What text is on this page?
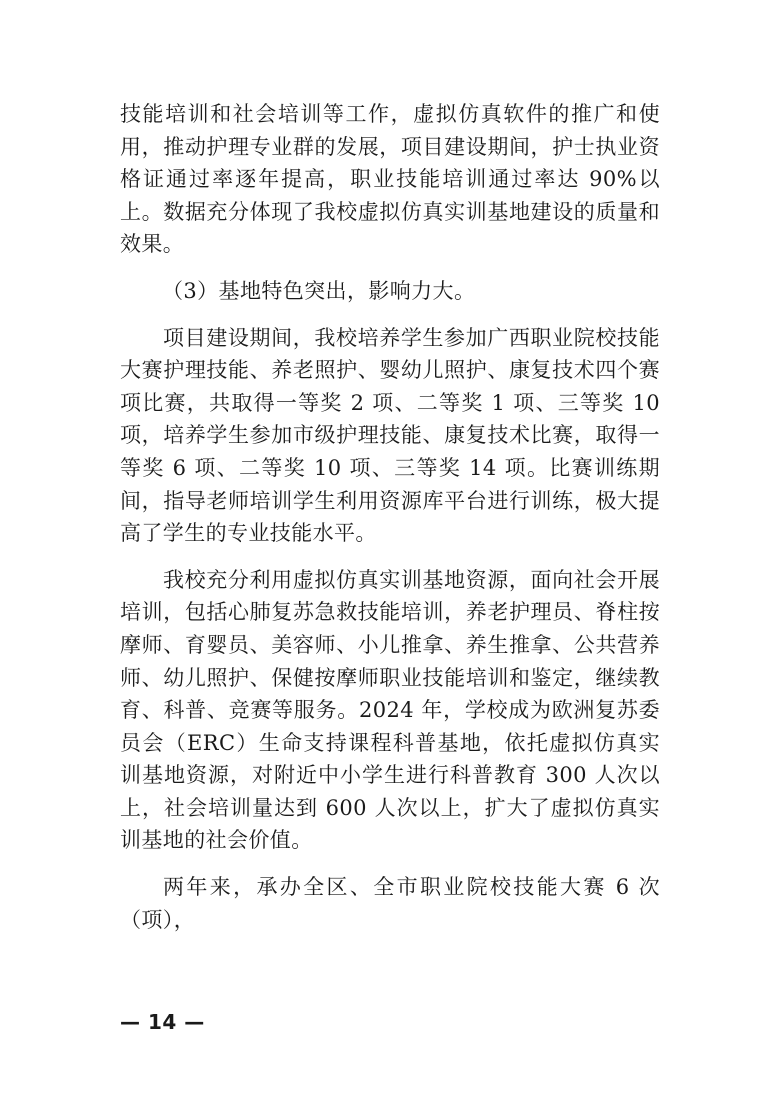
技能培训和社会培训等工作，虚拟仿真软件的推广和使用，推动护理专业群的发展，项目建设期间，护士执业资格证通过率逐年提高，职业技能培训通过率达 90%以上。数据充分体现了我校虚拟仿真实训基地建设的质量和效果。

（3）基地特色突出，影响力大。

项目建设期间，我校培养学生参加广西职业院校技能大赛护理技能、养老照护、婴幼儿照护、康复技术四个赛项比赛，共取得一等奖 2 项、二等奖 1 项、三等奖 10 项，培养学生参加市级护理技能、康复技术比赛，取得一等奖 6 项、二等奖 10 项、三等奖 14 项。比赛训练期间，指导老师培训学生利用资源库平台进行训练，极大提高了学生的专业技能水平。

我校充分利用虚拟仿真实训基地资源，面向社会开展培训，包括心肺复苏急救技能培训，养老护理员、脊柱按摩师、育婴员、美容师、小儿推拿、养生推拿、公共营养师、幼儿照护、保健按摩师职业技能培训和鉴定，继续教育、科普、竞赛等服务。2024 年，学校成为欧洲复苏委员会（ERC）生命支持课程科普基地，依托虚拟仿真实训基地资源，对附近中小学生进行科普教育 300 人次以上，社会培训量达到 600 人次以上，扩大了虚拟仿真实训基地的社会价值。

两年来，承办全区、全市职业院校技能大赛 6 次（项），

— 14 —
